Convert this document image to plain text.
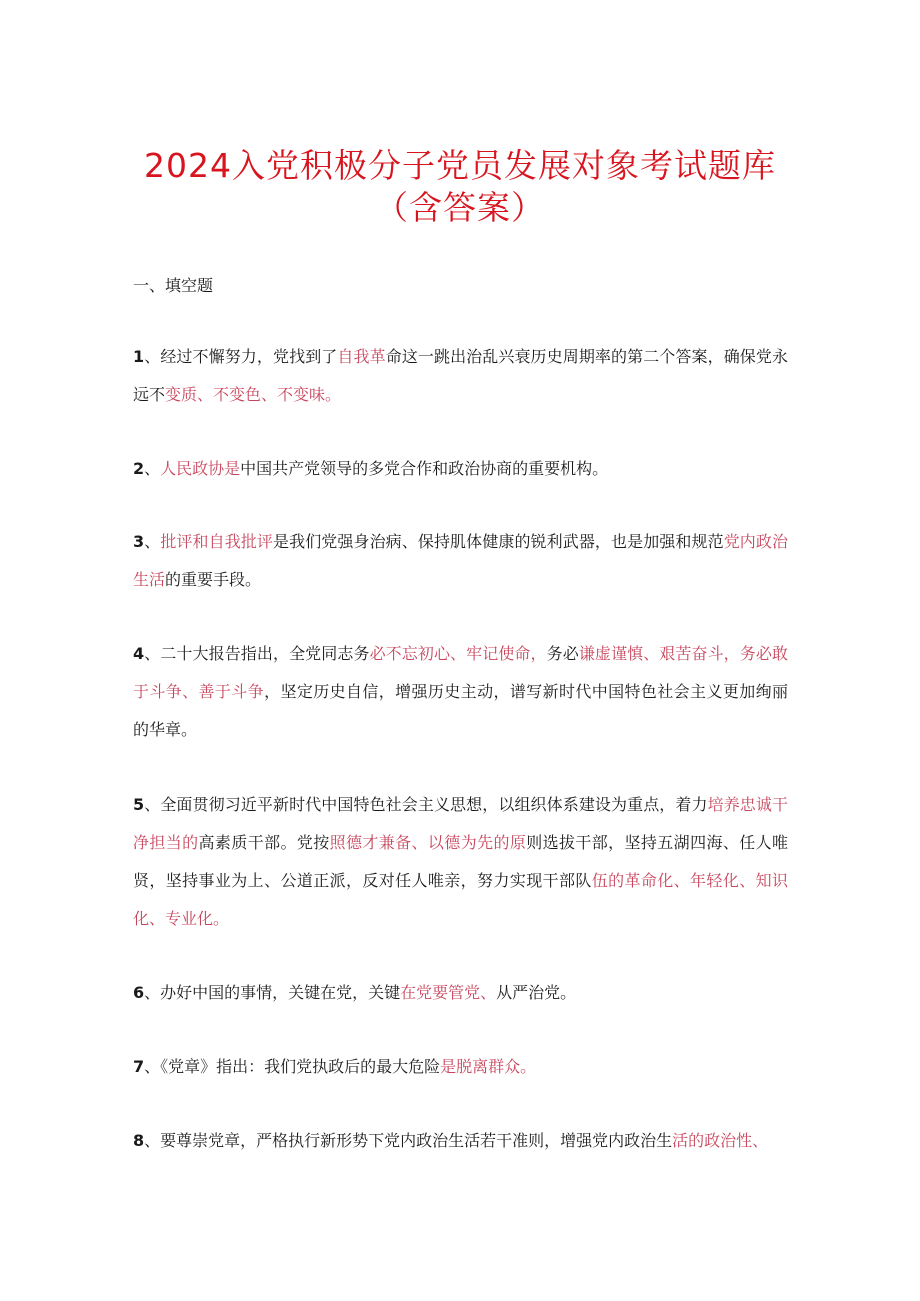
2024入党积极分子党员发展对象考试题库
（含答案）
一、填空题

1、经过不懈努力，党找到了自我革命这一跳出治乱兴衰历史周期率的第二个答案，确保党永远不变质、不变色、不变味。

2、人民政协是中国共产党领导的多党合作和政治协商的重要机构。

3、批评和自我批评是我们党强身治病、保持肌体健康的锐利武器，也是加强和规范党内政治生活的重要手段。

4、二十大报告指出，全党同志务必不忘初心、牢记使命，务必谦虚谨慎、艰苦奋斗，务必敢于斗争、善于斗争，坚定历史自信，增强历史主动，谱写新时代中国特色社会主义更加绚丽的华章。

5、全面贯彻习近平新时代中国特色社会主义思想，以组织体系建设为重点，着力培养忠诚干净担当的高素质干部。党按照德才兼备、以德为先的原则选拔干部，坚持五湖四海、任人唯贤，坚持事业为上、公道正派，反对任人唯亲，努力实现干部队伍的革命化、年轻化、知识化、专业化。

6、办好中国的事情，关键在党，关键在党要管党、从严治党。

7、《党章》指出：我们党执政后的最大危险是脱离群众。

8、要尊崇党章，严格执行新形势下党内政治生活若干准则，增强党内政治生活的政治性、
